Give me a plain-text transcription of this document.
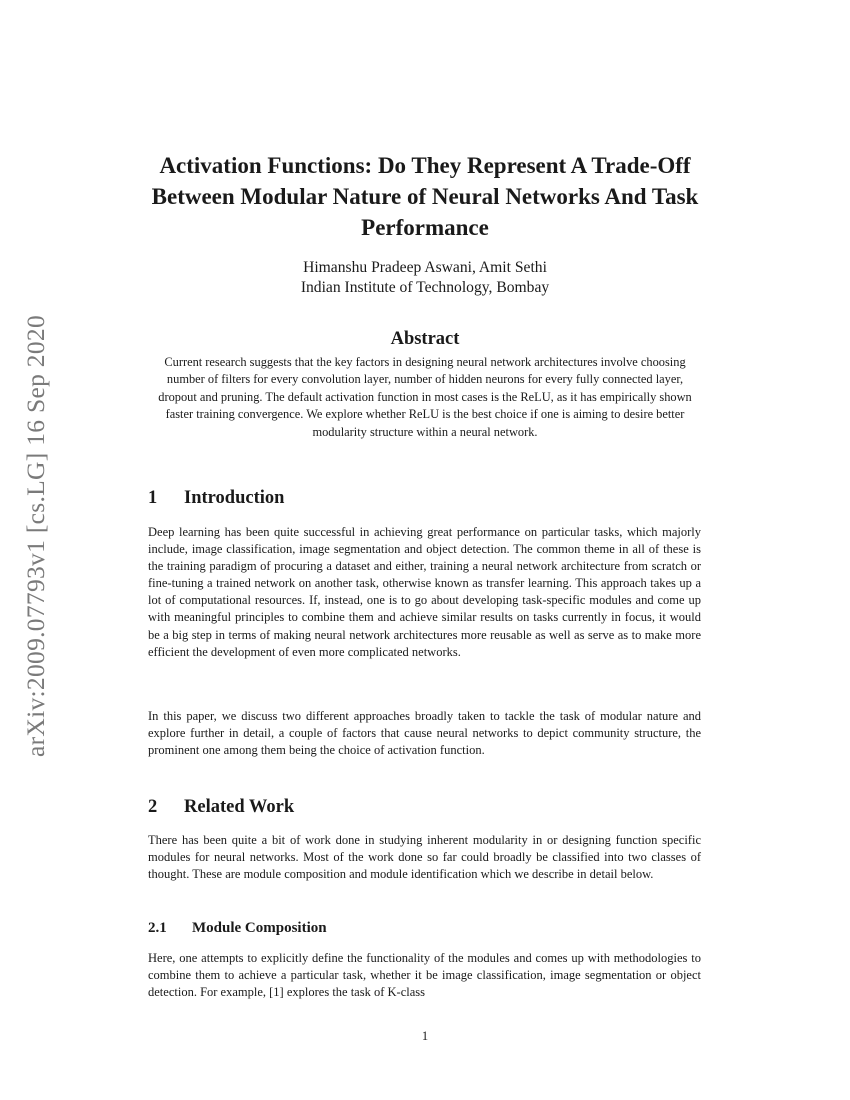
arXiv:2009.07793v1 [cs.LG] 16 Sep 2020
Activation Functions: Do They Represent A Trade-Off Between Modular Nature of Neural Networks And Task Performance
Himanshu Pradeep Aswani, Amit Sethi
Indian Institute of Technology, Bombay
Abstract

Current research suggests that the key factors in designing neural network architectures involve choosing number of filters for every convolution layer, number of hidden neurons for every fully connected layer, dropout and pruning. The default activation function in most cases is the ReLU, as it has empirically shown faster training convergence. We explore whether ReLU is the best choice if one is aiming to desire better modularity structure within a neural network.

1 Introduction

Deep learning has been quite successful in achieving great performance on particular tasks, which majorly include, image classification, image segmentation and object detection. The common theme in all of these is the training paradigm of procuring a dataset and either, training a neural network architecture from scratch or fine-tuning a trained network on another task, otherwise known as transfer learning. This approach takes up a lot of computational resources. If, instead, one is to go about developing task-specific modules and come up with meaningful principles to combine them and achieve similar results on tasks currently in focus, it would be a big step in terms of making neural network architectures more reusable as well as serve as to make more efficient the development of even more complicated networks.

In this paper, we discuss two different approaches broadly taken to tackle the task of modular nature and explore further in detail, a couple of factors that cause neural networks to depict community structure, the prominent one among them being the choice of activation function.

2 Related Work

There has been quite a bit of work done in studying inherent modularity in or designing function specific modules for neural networks. Most of the work done so far could broadly be classified into two classes of thought. These are module composition and module identification which we describe in detail below.

2.1 Module Composition

Here, one attempts to explicitly define the functionality of the modules and comes up with methodologies to combine them to achieve a particular task, whether it be image classification, image segmentation or object detection. For example, [1] explores the task of K-class

1
